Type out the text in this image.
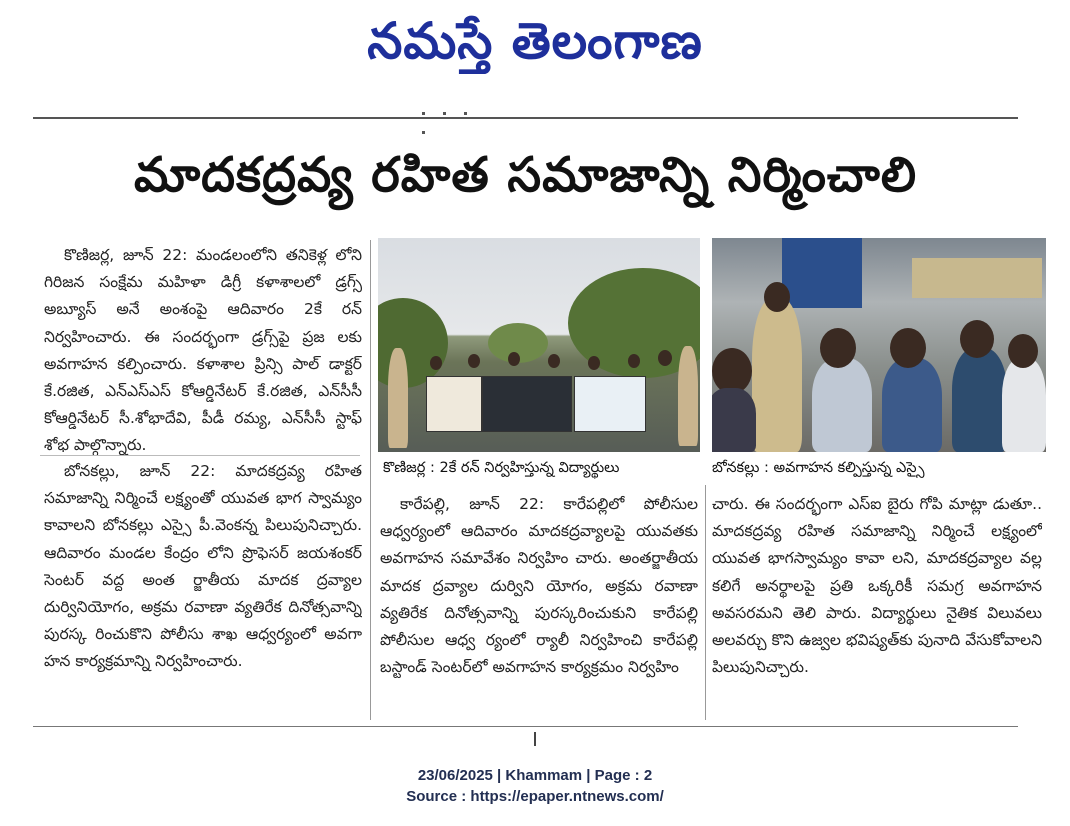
నమస్తే తెలంగాణ
మాదకద్రవ్య రహిత సమాజాన్ని నిర్మించాలి
కొణిజర్ల, జూన్ 22: మండలంలోని తనికెళ్ల లోని గిరిజన సంక్షేమ మహిళా డిగ్రీ కళాశాలలో డ్రగ్స్ అబ్యూస్ అనే అంశంపై ఆదివారం 2కే రన్ నిర్వహించారు. ఈ సందర్భంగా డ్రగ్స్‌పై ప్రజ లకు అవగాహన కల్పించారు. కళాశాల ప్రిన్సి పాల్ డాక్టర్ కే.రజిత, ఎన్ఎస్ఎస్ కోఆర్డినేటర్ కే.రజిత, ఎన్‌సీసీ కోఆర్డినేటర్ సీ.శోభాదేవి, పీడీ రమ్య, ఎన్‌సీసీ స్టాఫ్ శోభ పాల్గొన్నారు.
బోనకల్లు, జూన్ 22: మాదకద్రవ్య రహిత సమాజాన్ని నిర్మించే లక్ష్యంతో యువత భాగ స్వామ్యం కావాలని బోనకల్లు ఎస్సై పీ.వెంకన్న పిలుపునిచ్చారు. ఆదివారం మండల కేంద్రం లోని ప్రొఫెసర్ జయశంకర్ సెంటర్ వద్ద అంత ర్జాతీయ మాదక ద్రవ్యాల దుర్వినియోగం, అక్రమ రవాణా వ్యతిరేక దినోత్సవాన్ని పురస్క రించుకొని పోలీసు శాఖ ఆధ్వర్యంలో అవగా హన కార్యక్రమాన్ని నిర్వహించారు.
కొణిజర్ల : 2కే రన్ నిర్వహిస్తున్న విద్యార్థులు	బోనకల్లు : అవగాహన కల్పిస్తున్న ఎస్సై
కారేపల్లి, జూన్ 22: కారేపల్లిలో పోలీసుల ఆధ్వర్యంలో ఆదివారం మాదకద్రవ్యాలపై యువతకు అవగాహన సమావేశం నిర్వహిం చారు. అంతర్జాతీయ మాదక ద్రవ్యాల దుర్విని యోగం, అక్రమ రవాణా వ్యతిరేక దినోత్సవాన్ని పురస్కరించుకుని కారేపల్లి పోలీసుల ఆధ్వ ర్యంలో ర్యాలీ నిర్వహించి కారేపల్లి బస్టాండ్ సెంటర్‌లో అవగాహన కార్యక్రమం నిర్వహిం
చారు. ఈ సందర్భంగా ఎస్ఐ బైరు గోపి మాట్లా డుతూ.. మాదకద్రవ్య రహిత సమాజాన్ని నిర్మించే లక్ష్యంలో యువత భాగస్వామ్యం కావా లని, మాదకద్రవ్యాల వల్ల కలిగే అనర్థాలపై ప్రతి ఒక్కరికీ సమగ్ర అవగాహన అవసరమని తెలి పారు. విద్యార్థులు నైతిక విలువలు అలవర్చు కొని ఉజ్వల భవిష్యత్‌కు పునాది వేసుకోవాలని పిలుపునిచ్చారు.
23/06/2025 | Khammam | Page : 2
Source : https://epaper.ntnews.com/
